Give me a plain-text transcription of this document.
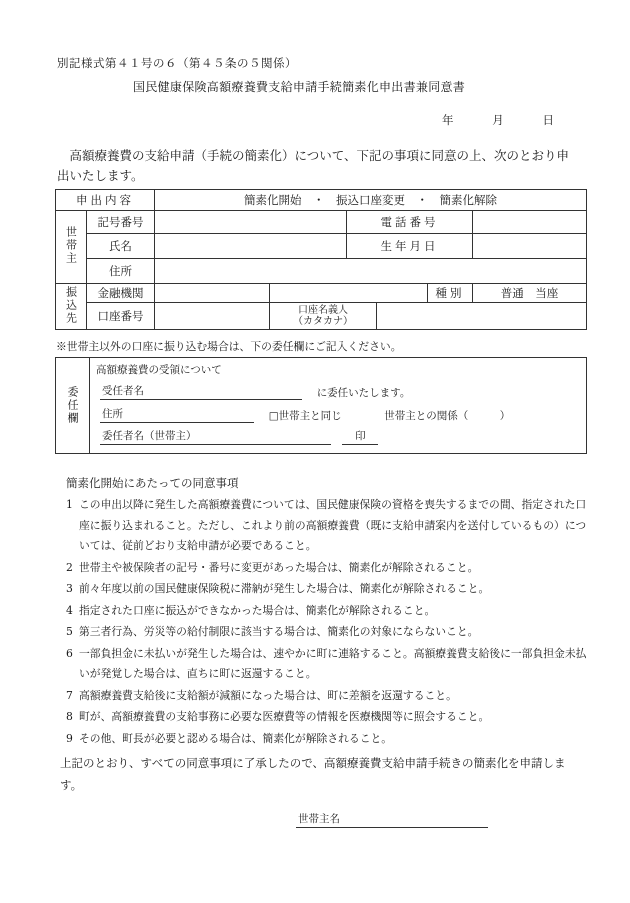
別記様式第４１号の６（第４５条の５関係）
国民健康保険高額療養費支給申請手続簡素化申出書兼同意書
年	月	日
高額療養費の支給申請（手続の簡素化）について、下記の事項に同意の上、次のとおり申出いたします。
申出内容		簡素化開始　・　振込口座変更　・　簡素化解除					
世帯主	記号番号			電話番号			
	氏名			生年月日			
	住所						
振込先	金融機関					種別	普通　当座
	口座番号		口座名義人
（カタカナ）				

※世帯主以外の口座に振り込む場合は、下の委任欄にご記入ください。
委任欄
高額療養費の受領について
受任者名	に委任いたします。
住所	□世帯主と同じ	世帯主との関係（　　　）
委任者名（世帯主）	印
簡素化開始にあたっての同意事項
1 この申出以降に発生した高額療養費については、国民健康保険の資格を喪失するまでの間、指定された口座に振り込まれること。ただし、これより前の高額療養費（既に支給申請案内を送付しているもの）については、従前どおり支給申請が必要であること。
2 世帯主や被保険者の記号・番号に変更があった場合は、簡素化が解除されること。
3 前々年度以前の国民健康保険税に滞納が発生した場合は、簡素化が解除されること。
4 指定された口座に振込ができなかった場合は、簡素化が解除されること。
5 第三者行為、労災等の給付制限に該当する場合は、簡素化の対象にならないこと。
6 一部負担金に未払いが発生した場合は、速やかに町に連絡すること。高額療養費支給後に一部負担金未払いが発覚した場合は、直ちに町に返還すること。
7 高額療養費支給後に支給額が減額になった場合は、町に差額を返還すること。
8 町が、高額療養費の支給事務に必要な医療費等の情報を医療機関等に照会すること。
9 その他、町長が必要と認める場合は、簡素化が解除されること。
上記のとおり、すべての同意事項に了承したので、高額療養費支給申請手続きの簡素化を申請します。
世帯主名
